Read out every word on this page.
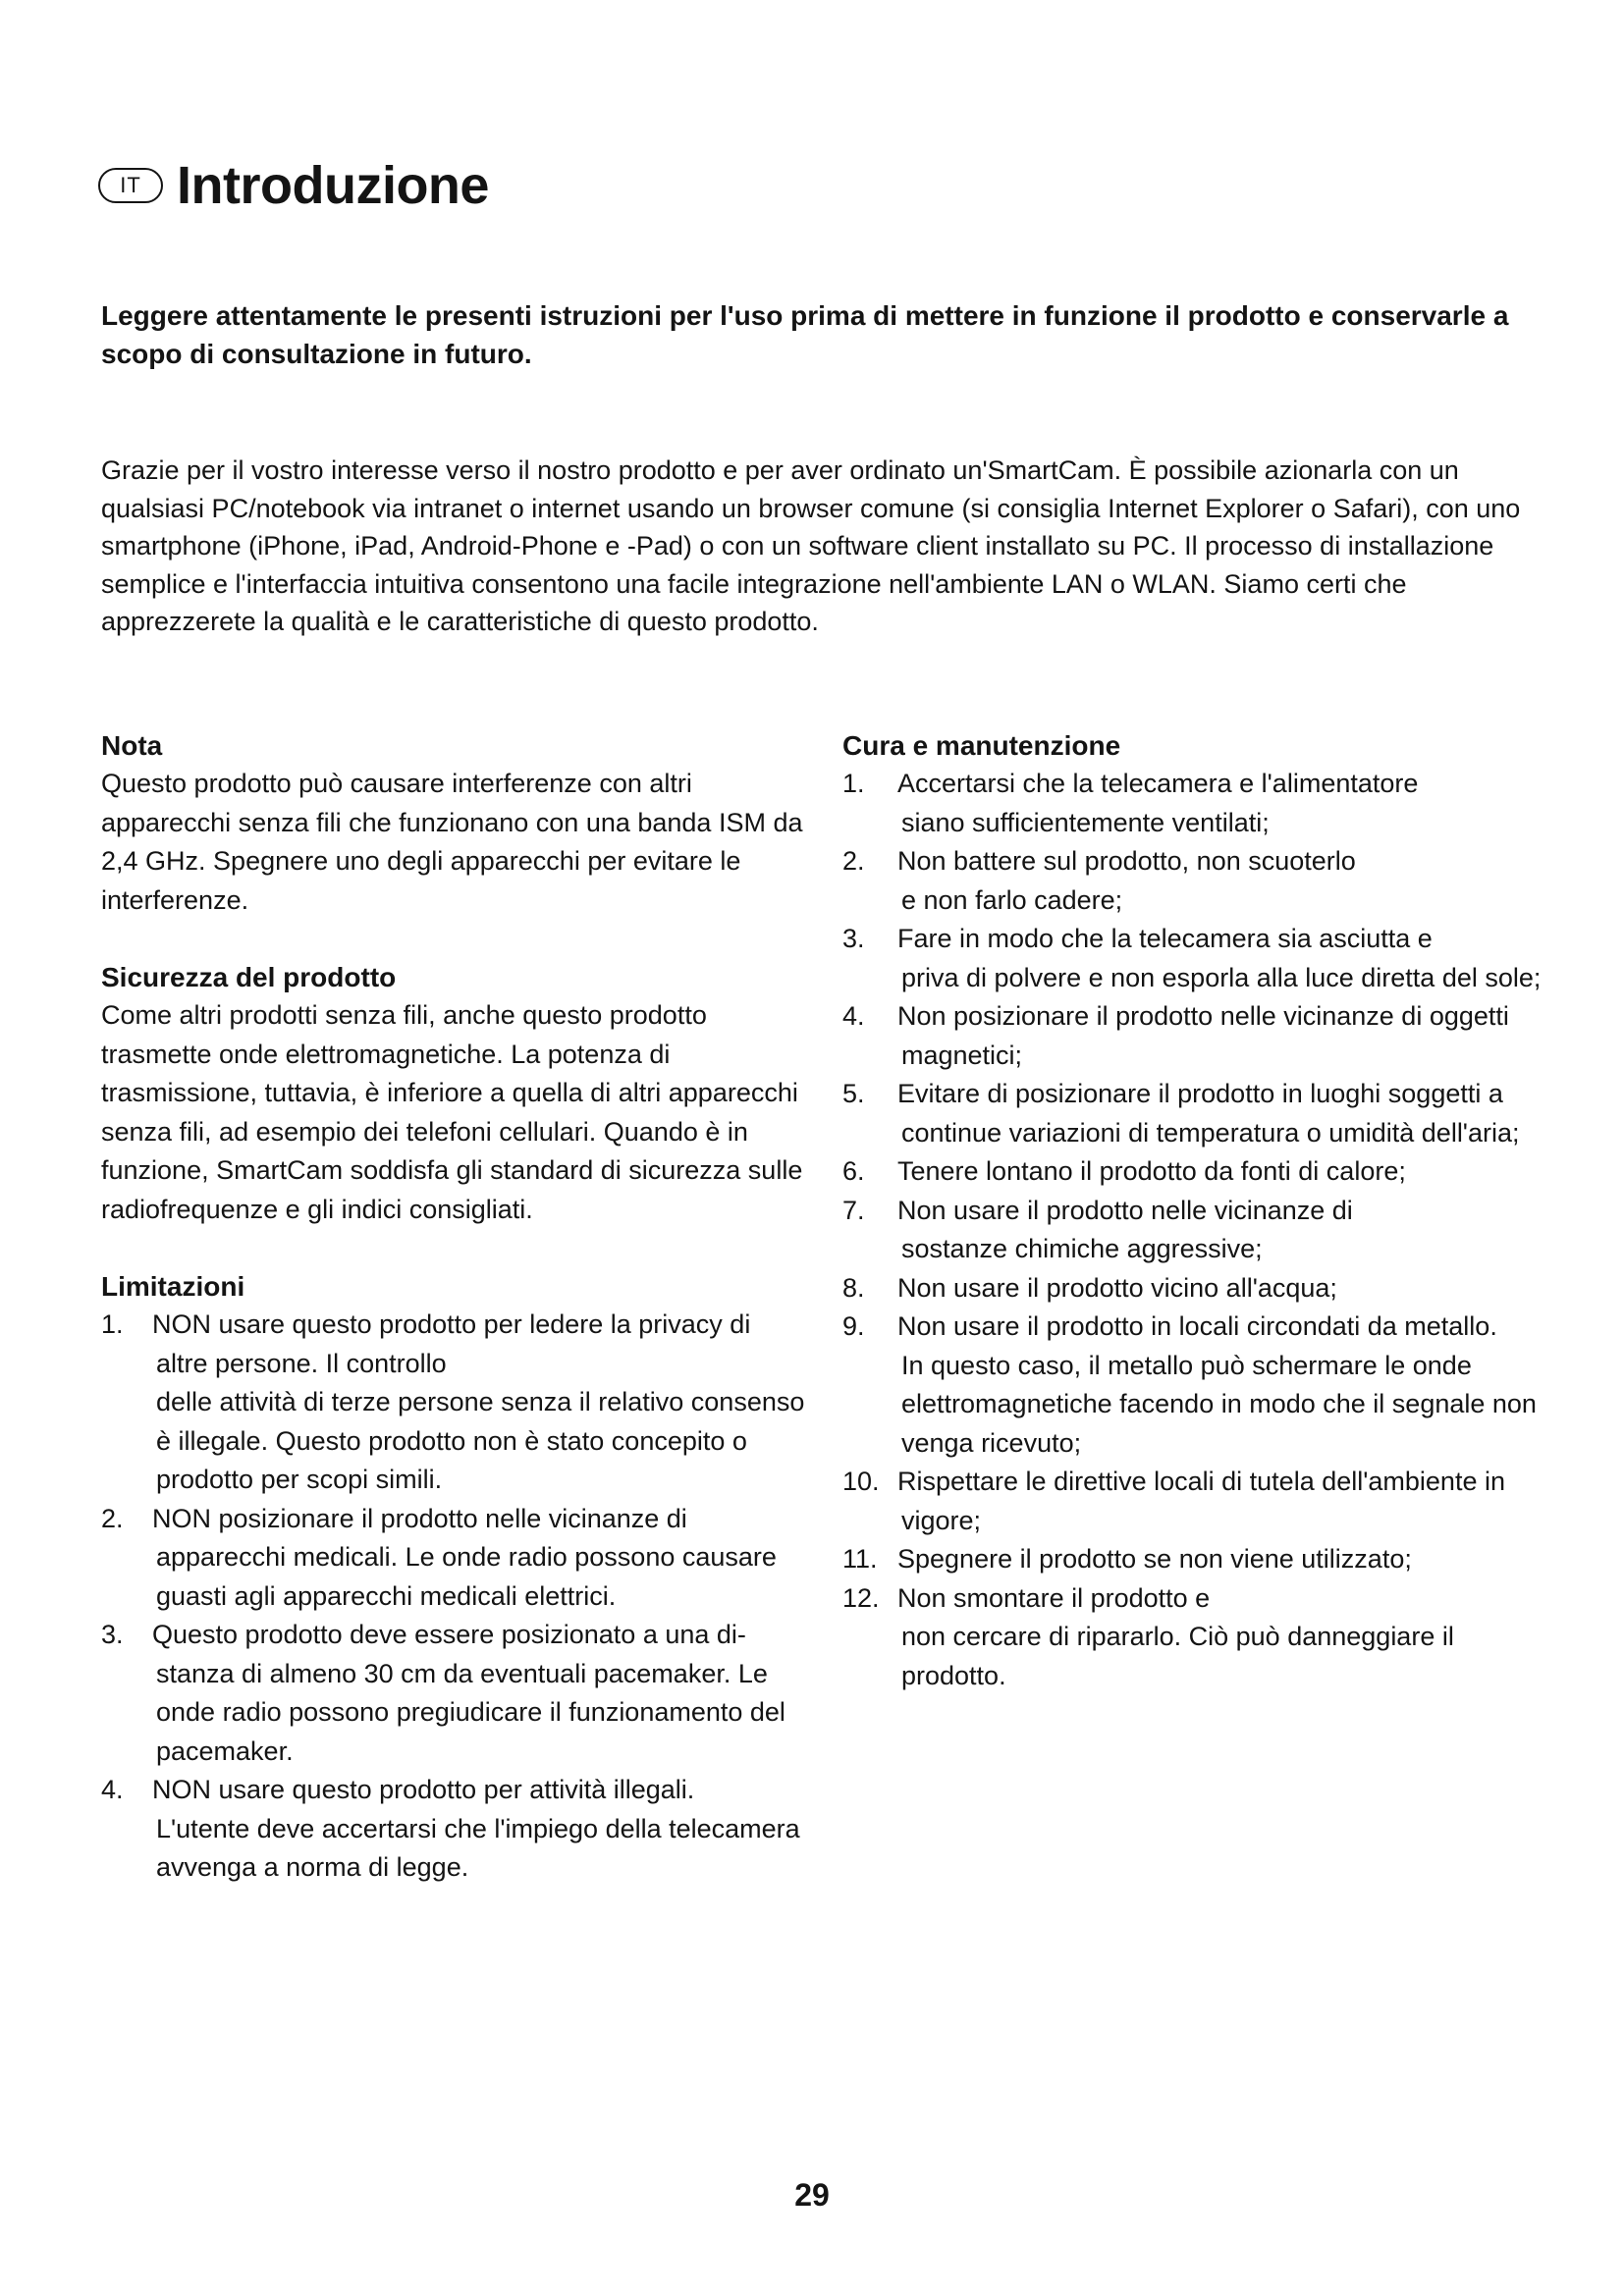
IT Introduzione

Leggere attentamente le presenti istruzioni per l'uso prima di mettere in funzione il prodotto e conservarle a scopo di consultazione in futuro.

Grazie per il vostro interesse verso il nostro prodotto e per aver ordinato un'SmartCam. È possibile azionarla con un qualsiasi PC/notebook via intranet o internet usando un browser comune (si consiglia Internet Explorer o Safari), con uno smartphone (iPhone, iPad, Android-Phone e -Pad) o con un software client installato su PC. Il processo di installazione semplice e l'interfaccia intuitiva consentono una facile integrazione nell'ambiente LAN o WLAN. Siamo certi che apprezzerete la qualità e le caratteristiche di questo prodotto.

Nota

Questo prodotto può causare interferenze con altri apparecchi senza fili che funzionano con una banda ISM da 2,4 GHz. Spegnere uno degli apparecchi per evitare le interferenze.

Sicurezza del prodotto

Come altri prodotti senza fili, anche questo prodotto trasmette onde elettromagnetiche. La potenza di trasmissione, tuttavia, è inferiore a quella di altri apparecchi senza fili, ad esempio dei telefoni cellulari. Quando è in funzione, SmartCam soddisfa gli standard di sicurezza sulle radiofrequenze e gli indici consigliati.

Limitazioni
1.	NON usare questo prodotto per ledere la privacy di
altre persone. Il controllo
delle attività di terze persone senza il relativo consenso è illegale. Questo prodotto non è stato concepito o prodotto per scopi simili.
2.	NON posizionare il prodotto nelle vicinanze di
apparecchi medicali. Le onde radio possono causare guasti agli apparecchi medicali elettrici.
3.	Questo prodotto deve essere posizionato a una di-
stanza di almeno 30 cm da eventuali pacemaker. Le onde radio possono pregiudicare il funzionamento del pacemaker.
4.	NON usare questo prodotto per attività illegali.
L'utente deve accertarsi che l'impiego della telecamera avvenga a norma di legge.
Cura e manutenzione
1.	Accertarsi che la telecamera e l'alimentatore
siano sufficientemente ventilati;
2.	Non battere sul prodotto, non scuoterlo
e non farlo cadere;
3.	Fare in modo che la telecamera sia asciutta e
priva di polvere e non esporla alla luce diretta del sole;
4.	Non posizionare il prodotto nelle vicinanze di oggetti
magnetici;
5.	Evitare di posizionare il prodotto in luoghi soggetti a
continue variazioni di temperatura o umidità dell'aria;
6.	Tenere lontano il prodotto da fonti di calore;
7.	Non usare il prodotto nelle vicinanze di
sostanze chimiche aggressive;
8.	Non usare il prodotto vicino all'acqua;
9.	Non usare il prodotto in locali circondati da metallo.
In questo caso, il metallo può schermare le onde elettromagnetiche facendo in modo che il segnale non venga ricevuto;
10. Rispettare le direttive locali di tutela dell'ambiente in
vigore;
11. Spegnere il prodotto se non viene utilizzato;
12. Non smontare il prodotto e
non cercare di ripararlo. Ciò può danneggiare il prodotto.
29
